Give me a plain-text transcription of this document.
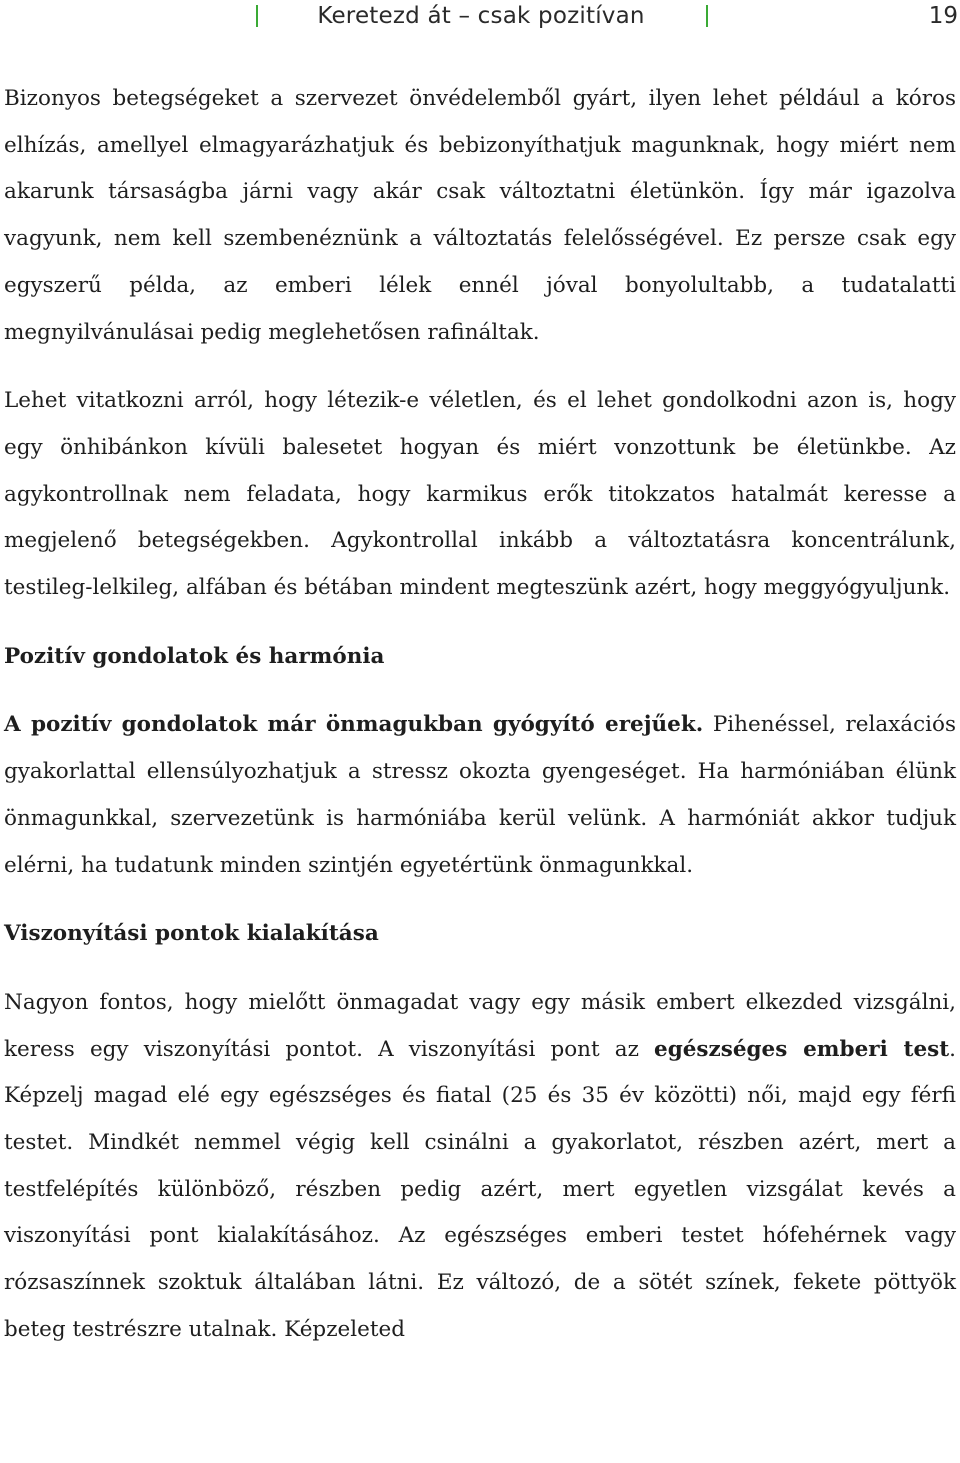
Keretezd át – csak pozitívan	19

Bizonyos betegségeket a szervezet önvédelemből gyárt, ilyen lehet például a kóros elhízás, amellyel elmagyarázhatjuk és bebizonyíthatjuk magunknak, hogy miért nem akarunk társaságba járni vagy akár csak változtatni életünkön. Így már igazolva vagyunk, nem kell szembenéznünk a változtatás felelősségével. Ez persze csak egy egyszerű példa, az emberi lélek ennél jóval bonyolultabb, a tudatalatti megnyilvánulásai pedig meglehetősen rafináltak.

Lehet vitatkozni arról, hogy létezik-e véletlen, és el lehet gondolkodni azon is, hogy egy önhibánkon kívüli balesetet hogyan és miért vonzottunk be életünkbe. Az agykontrollnak nem feladata, hogy karmikus erők titokzatos hatalmát keresse a megjelenő betegségekben. Agykontrollal inkább a változtatásra koncentrálunk, testileg-lelkileg, alfában és bétában mindent megteszünk azért, hogy meggyógyuljunk.

Pozitív gondolatok és harmónia

A pozitív gondolatok már önmagukban gyógyító erejűek. Pihenéssel, relaxációs gyakorlattal ellensúlyozhatjuk a stressz okozta gyengeséget. Ha harmóniában élünk önmagunkkal, szervezetünk is harmóniába kerül velünk. A harmóniát akkor tudjuk elérni, ha tudatunk minden szintjén egyetértünk önmagunkkal.

Viszonyítási pontok kialakítása

Nagyon fontos, hogy mielőtt önmagadat vagy egy másik embert elkezded vizsgálni, keress egy viszonyítási pontot. A viszonyítási pont az egészséges emberi test. Képzelj magad elé egy egészséges és fiatal (25 és 35 év közötti) női, majd egy férfi testet. Mindkét nemmel végig kell csinálni a gyakorlatot, részben azért, mert a testfelépítés különböző, részben pedig azért, mert egyetlen vizsgálat kevés a viszonyítási pont kialakításához. Az egészséges emberi testet hófehérnek vagy rózsaszínnek szoktuk általában látni. Ez változó, de a sötét színek, fekete pöttyök beteg testrészre utalnak. Képzeleted
